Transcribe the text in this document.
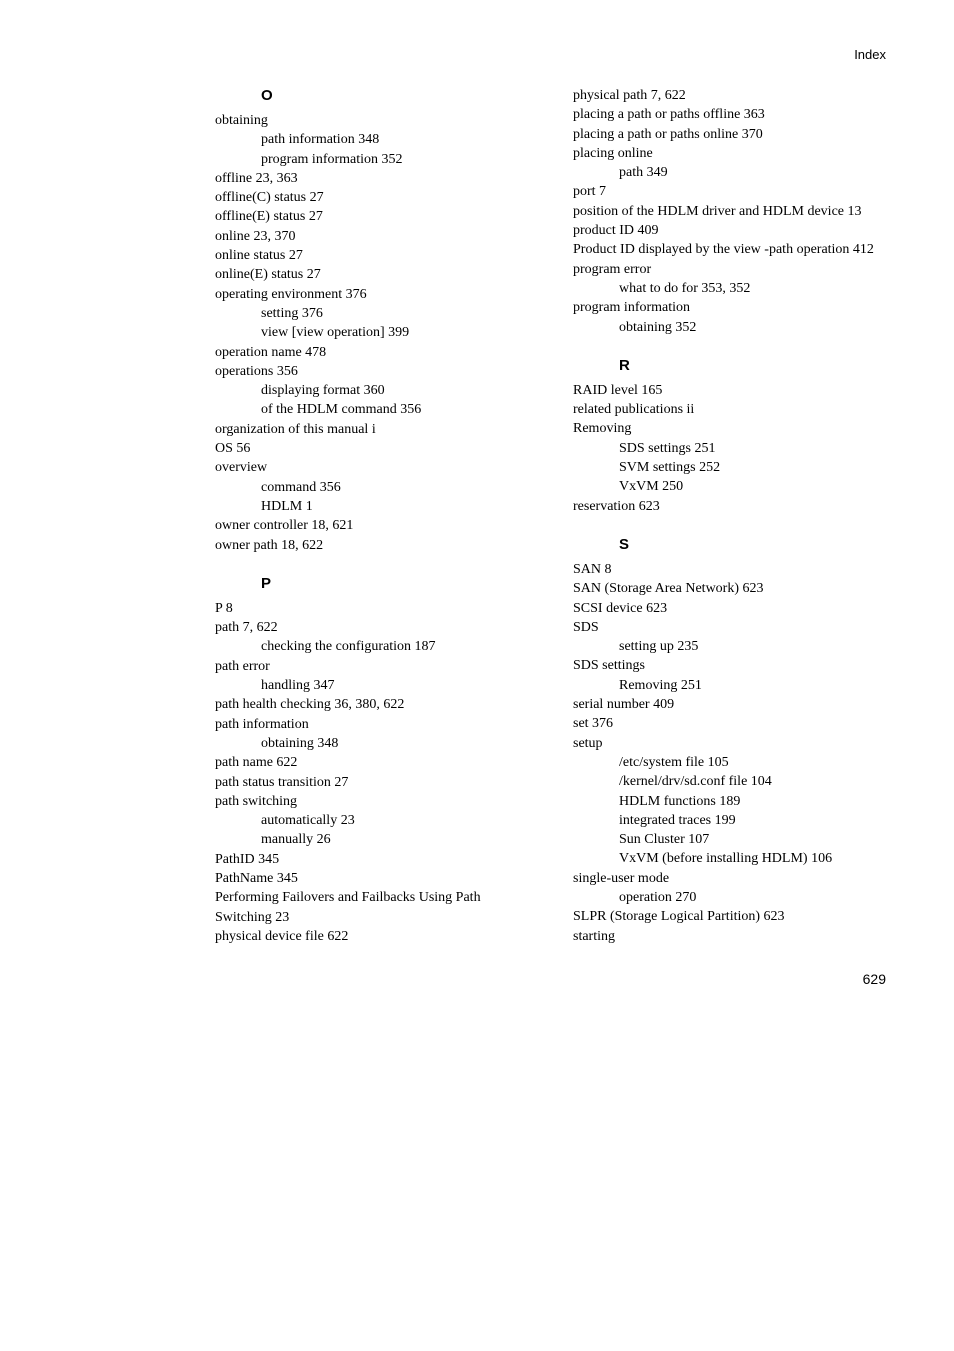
Index
O
obtaining
path information 348
program information 352
offline 23, 363
offline(C) status 27
offline(E) status 27
online 23, 370
online status 27
online(E) status 27
operating environment 376
setting 376
view [view operation] 399
operation name 478
operations 356
displaying format 360
of the HDLM command 356
organization of this manual i
OS 56
overview
command 356
HDLM 1
owner controller 18, 621
owner path 18, 622
P
P 8
path 7, 622
checking the configuration 187
path error
handling 347
path health checking 36, 380, 622
path information
obtaining 348
path name 622
path status transition 27
path switching
automatically 23
manually 26
PathID 345
PathName 345
Performing Failovers and Failbacks Using Path
Switching 23
physical device file 622
physical path 7, 622
placing a path or paths offline 363
placing a path or paths online 370
placing online
path 349
port 7
position of the HDLM driver and HDLM device 13
product ID 409
Product ID displayed by the view -path operation 412
program error
what to do for 353, 352
program information
obtaining 352
R
RAID level 165
related publications ii
Removing
SDS settings 251
SVM settings 252
VxVM 250
reservation 623
S
SAN 8
SAN (Storage Area Network) 623
SCSI device 623
SDS
setting up 235
SDS settings
Removing 251
serial number 409
set 376
setup
/etc/system file 105
/kernel/drv/sd.conf file 104
HDLM functions 189
integrated traces 199
Sun Cluster 107
VxVM (before installing HDLM) 106
single-user mode
operation 270
SLPR (Storage Logical Partition) 623
starting
629
